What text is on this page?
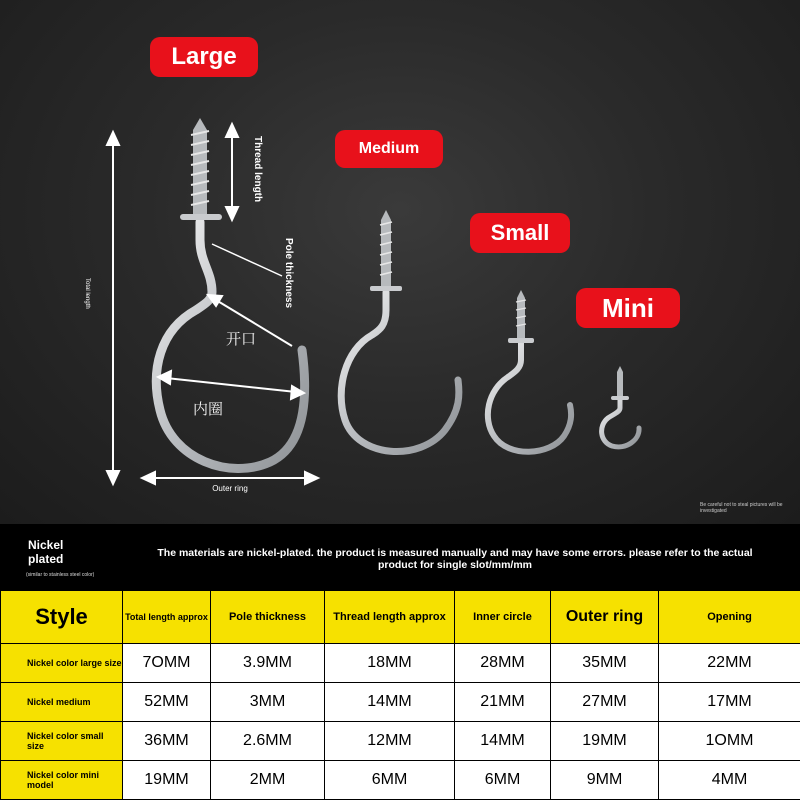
Large
Medium
Small
Mini
Thread length
Pole thickness
Total length
开口
内圈
Outer ring
Be careful not to steal pictures will be investigated
Nickel plated
(similar to stainless steel color)
The materials are nickel-plated. the product is measured manually and may have some errors. please refer to the actual product for single slot/mm/mm
Style	Total length approx	Pole thickness	Thread length approx	Inner circle	Outer ring	Opening
Nickel color large size	7OMM	3.9MM	18MM	28MM	35MM	22MM
Nickel medium	52MM	3MM	14MM	21MM	27MM	17MM
Nickel color small size	36MM	2.6MM	12MM	14MM	19MM	1OMM
Nickel color mini model	19MM	2MM	6MM	6MM	9MM	4MM
